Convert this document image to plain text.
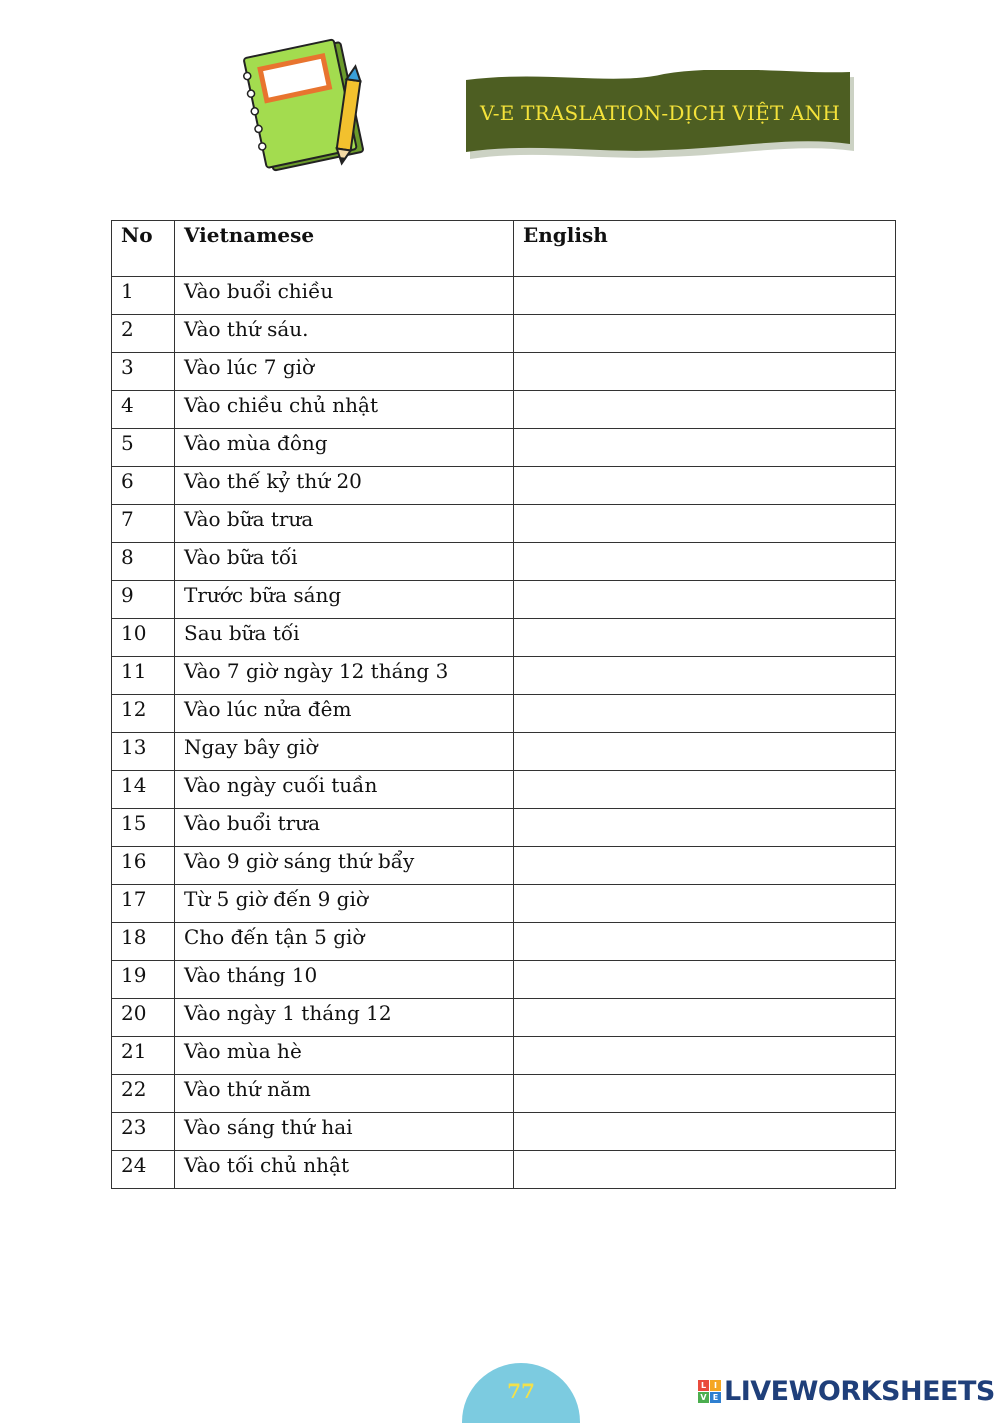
V-E TRASLATION-DỊCH VIỆT ANH
No	Vietnamese	English
1	Vào buổi chiều	
2	Vào thứ sáu.	
3	Vào lúc 7 giờ	
4	Vào chiều chủ nhật	
5	Vào mùa đông	
6	Vào thế kỷ thứ 20	
7	Vào bữa trưa	
8	Vào bữa tối	
9	Trước bữa sáng	
10	Sau bữa tối	
11	Vào 7 giờ ngày 12 tháng 3	
12	Vào lúc nửa đêm	
13	Ngay bây giờ	
14	Vào ngày cuối tuần	
15	Vào buổi trưa	
16	Vào 9 giờ sáng thứ bẩy	
17	Từ 5 giờ đến 9 giờ	
18	Cho đến tận 5 giờ	
19	Vào tháng 10	
20	Vào ngày 1 tháng 12	
21	Vào mùa hè	
22	Vào thứ năm	
23	Vào sáng thứ hai	
24	Vào tối chủ nhật	
77	L I
V E LIVEWORKSHEETS
